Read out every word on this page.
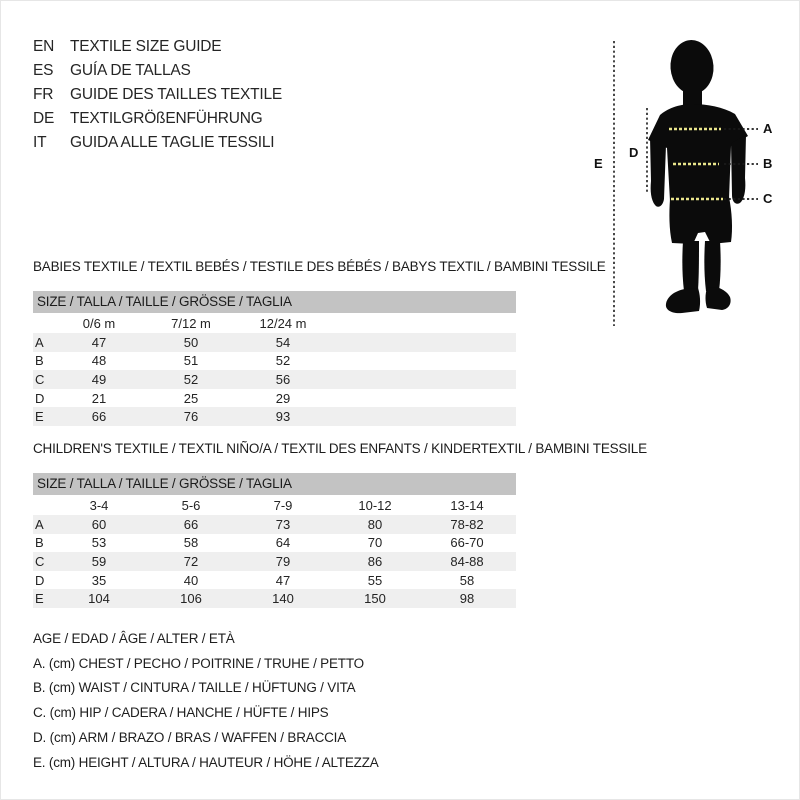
EN	TEXTILE SIZE GUIDE
ES	GUÍA DE TALLAS
FR	GUIDE DES TAILLES TEXTILE
DE	TEXTILGRÖßENFÜHRUNG
IT	GUIDA ALLE TAGLIE TESSILI
E
D
A
B
C
BABIES TEXTILE / TEXTIL BEBÉS / TESTILE DES BÉBÉS / BABYS TEXTIL / BAMBINI TESSILE
SIZE / TALLA / TAILLE / GRÖSSE / TAGLIA
0/6 m	7/12 m	12/24 m
A	47	50	54
B	48	51	52
C	49	52	56
D	21	25	29
E	66	76	93
CHILDREN'S TEXTILE / TEXTIL NIÑO/A / TEXTIL DES ENFANTS / KINDERTEXTIL / BAMBINI TESSILE
SIZE / TALLA / TAILLE / GRÖSSE / TAGLIA
3-4	5-6	7-9	10-12	13-14
A	60	66	73	80	78-82
B	53	58	64	70	66-70
C	59	72	79	86	84-88
D	35	40	47	55	58
E	104	106	140	150	98
AGE / EDAD / ÂGE / ALTER / ETÀ
A. (cm) CHEST / PECHO / POITRINE / TRUHE / PETTO
B. (cm) WAIST / CINTURA / TAILLE / HÜFTUNG / VITA
C. (cm) HIP / CADERA / HANCHE / HÜFTE / HIPS
D. (cm) ARM / BRAZO / BRAS / WAFFEN / BRACCIA
E. (cm) HEIGHT / ALTURA / HAUTEUR / HÖHE / ALTEZZA
